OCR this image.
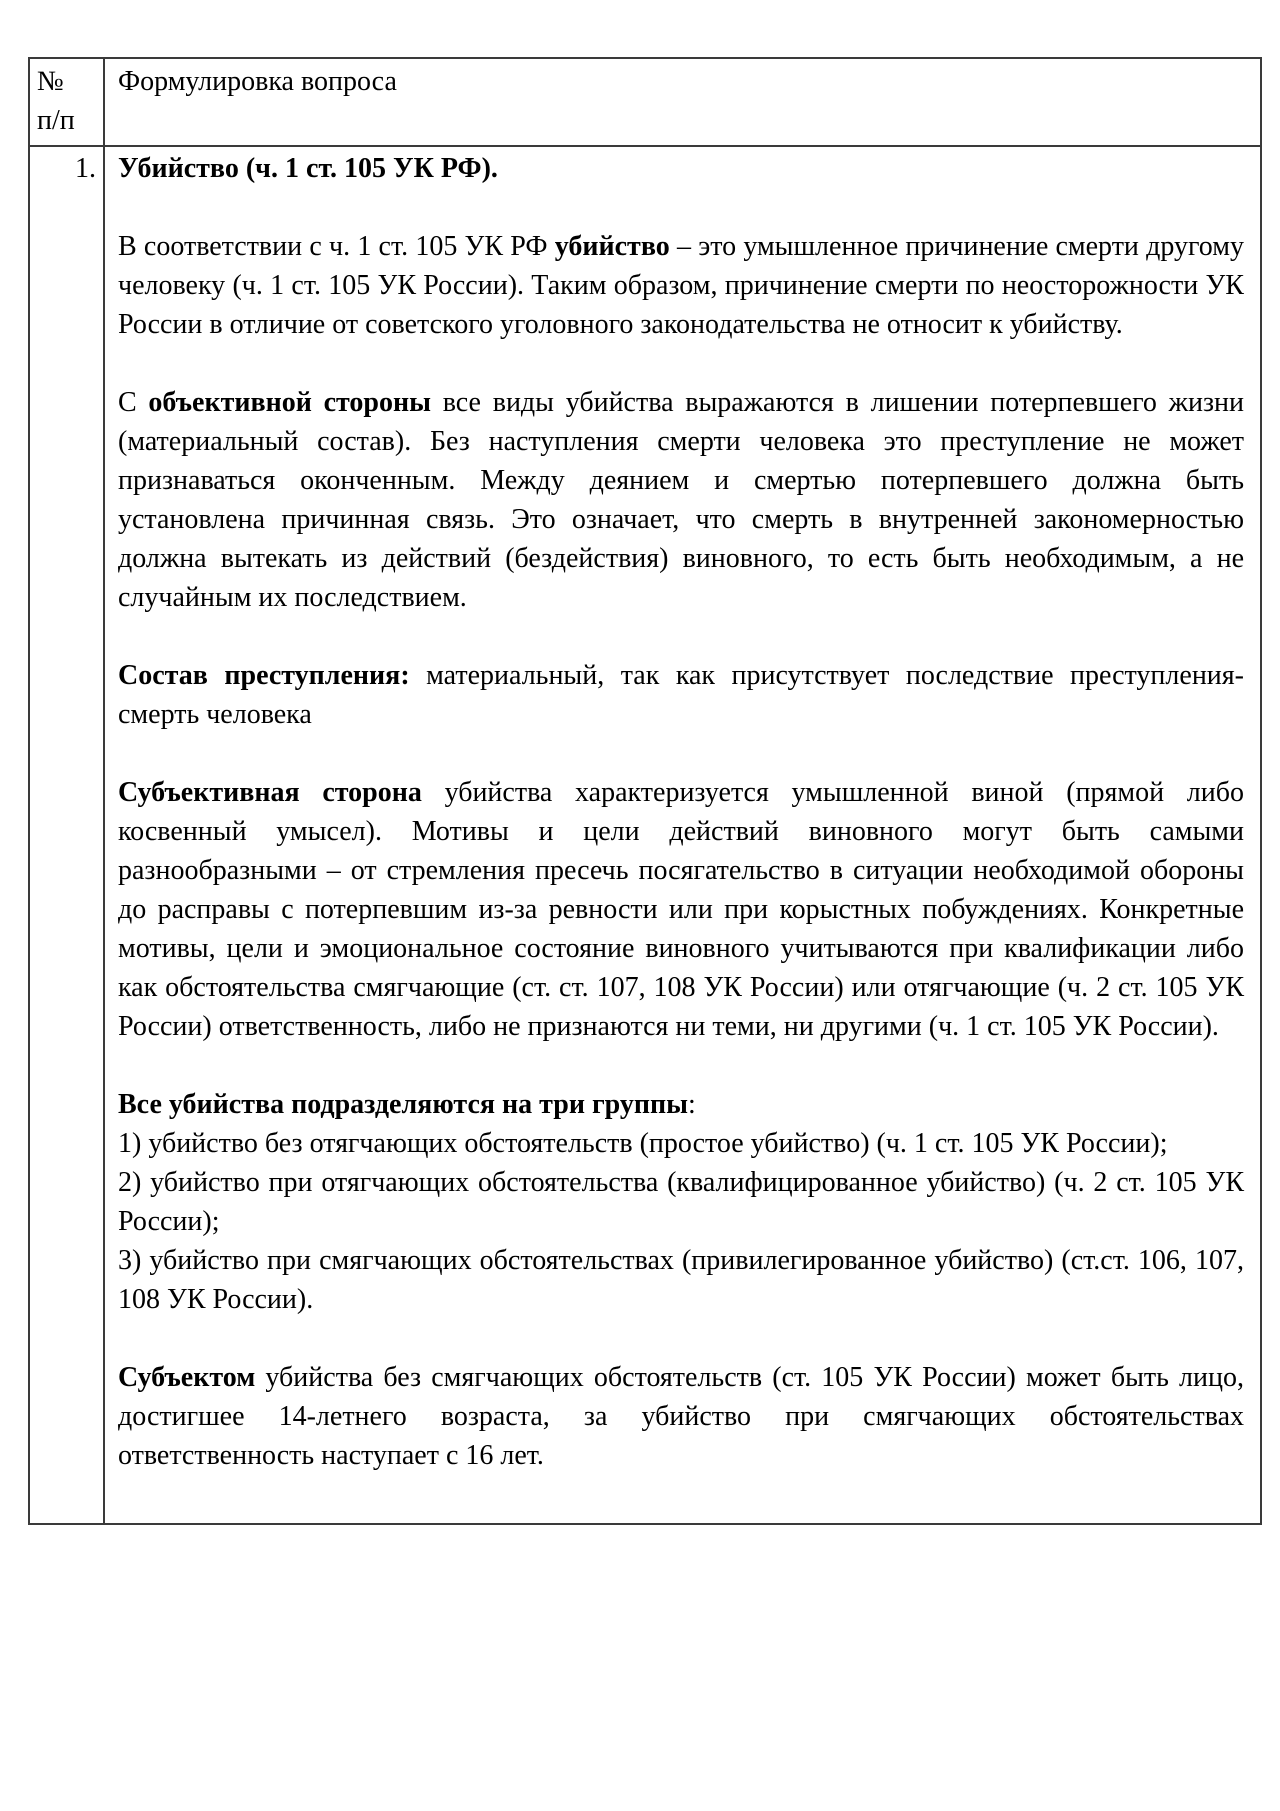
№
п/п	Формулировка вопроса
1.	Убийство (ч. 1 ст. 105 УК РФ).

В соответствии с ч. 1 ст. 105 УК РФ убийство – это умышленное причинение смерти другому человеку (ч. 1 ст. 105 УК России). Таким образом, причинение смерти по неосторожности УК России в отличие от советского уголовного законодательства не относит к убийству.

С объективной стороны все виды убийства выражаются в лишении потерпевшего жизни (материальный состав). Без наступления смерти человека это преступление не может признаваться оконченным. Между деянием и смертью потерпевшего должна быть установлена причинная связь. Это означает, что смерть в внутренней закономерностью должна вытекать из действий (бездействия) виновного, то есть быть необходимым, а не случайным их последствием.

Состав преступления: материальный, так как присутствует последствие преступления-смерть человека

Субъективная сторона убийства характеризуется умышленной виной (прямой либо косвенный умысел). Мотивы и цели действий виновного могут быть самыми разнообразными – от стремления пресечь посягательство в ситуации необходимой обороны до расправы с потерпевшим из-за ревности или при корыстных побуждениях. Конкретные мотивы, цели и эмоциональное состояние виновного учитываются при квалификации либо как обстоятельства смягчающие (ст. ст. 107, 108 УК России) или отягчающие (ч. 2 ст. 105 УК России) ответственность, либо не признаются ни теми, ни другими (ч. 1 ст. 105 УК России).

Все убийства подразделяются на три группы:

1) убийство без отягчающих обстоятельств (простое убийство) (ч. 1 ст. 105 УК России);

2) убийство при отягчающих обстоятельства (квалифицированное убийство) (ч. 2 ст. 105 УК России);

3) убийство при смягчающих обстоятельствах (привилегированное убийство) (ст.ст. 106, 107, 108 УК России).

Субъектом убийства без смягчающих обстоятельств (ст. 105 УК России) может быть лицо, достигшее 14-летнего возраста, за убийство при смягчающих обстоятельствах ответственность наступает с 16 лет.
